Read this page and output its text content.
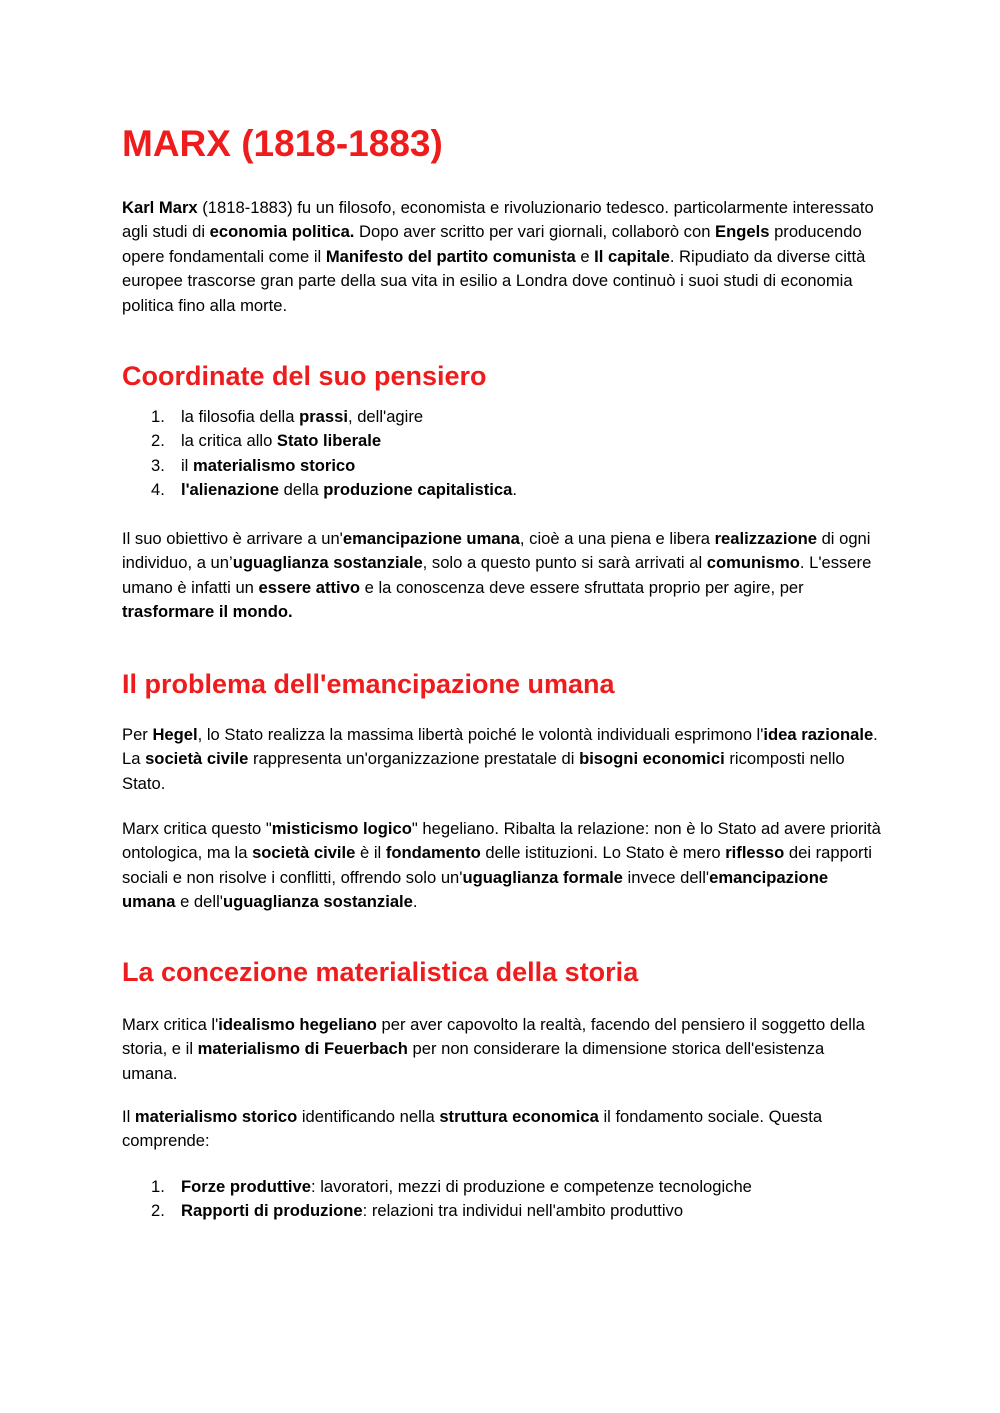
MARX (1818-1883)

Karl Marx (1818-1883) fu un filosofo, economista e rivoluzionario tedesco. particolarmente interessato agli studi di economia politica. Dopo aver scritto per vari giornali, collaborò con Engels producendo opere fondamentali come il Manifesto del partito comunista e Il capitale. Ripudiato da diverse città europee trascorse gran parte della sua vita in esilio a Londra dove continuò i suoi studi di economia politica fino alla morte.

Coordinate del suo pensiero
1. la filosofia della prassi, dell'agire
2. la critica allo Stato liberale
3. il materialismo storico
4. l'alienazione della produzione capitalistica.

Il suo obiettivo è arrivare a un'emancipazione umana, cioè a una piena e libera realizzazione di ogni individuo, a un’uguaglianza sostanziale, solo a questo punto si sarà arrivati al comunismo. L'essere umano è infatti un essere attivo e la conoscenza deve essere sfruttata proprio per agire, per trasformare il mondo.

Il problema dell'emancipazione umana

Per Hegel, lo Stato realizza la massima libertà poiché le volontà individuali esprimono l'idea razionale. La società civile rappresenta un'organizzazione prestatale di bisogni economici ricomposti nello Stato.

Marx critica questo "misticismo logico" hegeliano. Ribalta la relazione: non è lo Stato ad avere priorità ontologica, ma la società civile è il fondamento delle istituzioni. Lo Stato è mero riflesso dei rapporti sociali e non risolve i conflitti, offrendo solo un'uguaglianza formale invece dell'emancipazione umana e dell'uguaglianza sostanziale.

La concezione materialistica della storia

Marx critica l'idealismo hegeliano per aver capovolto la realtà, facendo del pensiero il soggetto della storia, e il materialismo di Feuerbach per non considerare la dimensione storica dell'esistenza umana.

Il materialismo storico identificando nella struttura economica il fondamento sociale. Questa comprende:

1. Forze produttive: lavoratori, mezzi di produzione e competenze tecnologiche
2. Rapporti di produzione: relazioni tra individui nell'ambito produttivo
